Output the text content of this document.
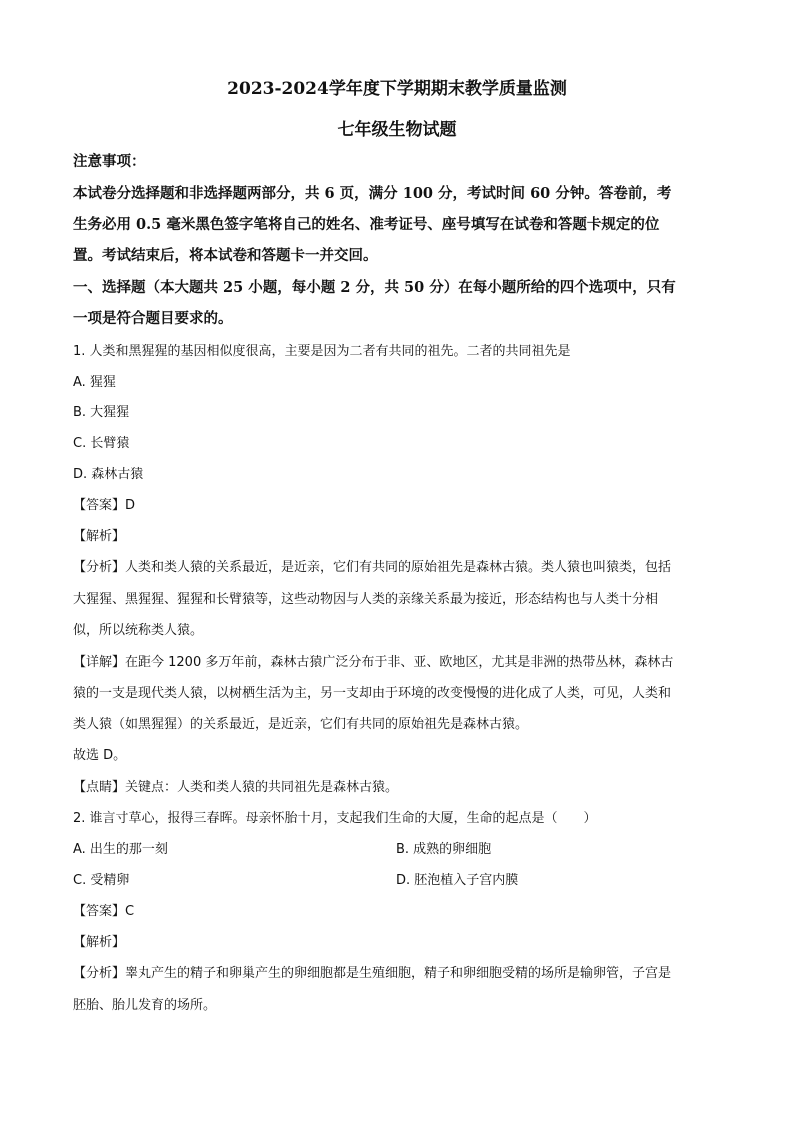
2023-2024学年度下学期期末教学质量监测
七年级生物试题
注意事项：
本试卷分选择题和非选择题两部分，共 6 页，满分 100 分，考试时间 60 分钟。答卷前，考
生务必用 0.5 毫米黑色签字笔将自己的姓名、准考证号、座号填写在试卷和答题卡规定的位
置。考试结束后，将本试卷和答题卡一并交回。
一、选择题（本大题共 25 小题，每小题 2 分，共 50 分）在每小题所给的四个选项中，只有
一项是符合题目要求的。
1. 人类和黑猩猩的基因相似度很高，主要是因为二者有共同的祖先。二者的共同祖先是
A. 猩猩
B. 大猩猩
C. 长臂猿
D. 森林古猿
【答案】D
【解析】
【分析】人类和类人猿的关系最近，是近亲，它们有共同的原始祖先是森林古猿。类人猿也叫猿类，包括
大猩猩、黑猩猩、猩猩和长臂猿等，这些动物因与人类的亲缘关系最为接近，形态结构也与人类十分相
似，所以统称类人猿。
【详解】在距今 1200 多万年前，森林古猿广泛分布于非、亚、欧地区，尤其是非洲的热带丛林，森林古
猿的一支是现代类人猿，以树栖生活为主，另一支却由于环境的改变慢慢的进化成了人类，可见，人类和
类人猿（如黑猩猩）的关系最近，是近亲，它们有共同的原始祖先是森林古猿。
故选 D。
【点睛】关键点：人类和类人猿的共同祖先是森林古猿。
2. 谁言寸草心，报得三春晖。母亲怀胎十月，支起我们生命的大厦，生命的起点是（　　）
A. 出生的那一刻	B. 成熟的卵细胞
C. 受精卵	D. 胚泡植入子宫内膜
【答案】C
【解析】
【分析】睾丸产生的精子和卵巢产生的卵细胞都是生殖细胞，精子和卵细胞受精的场所是输卵管，子宫是
胚胎、胎儿发育的场所。
